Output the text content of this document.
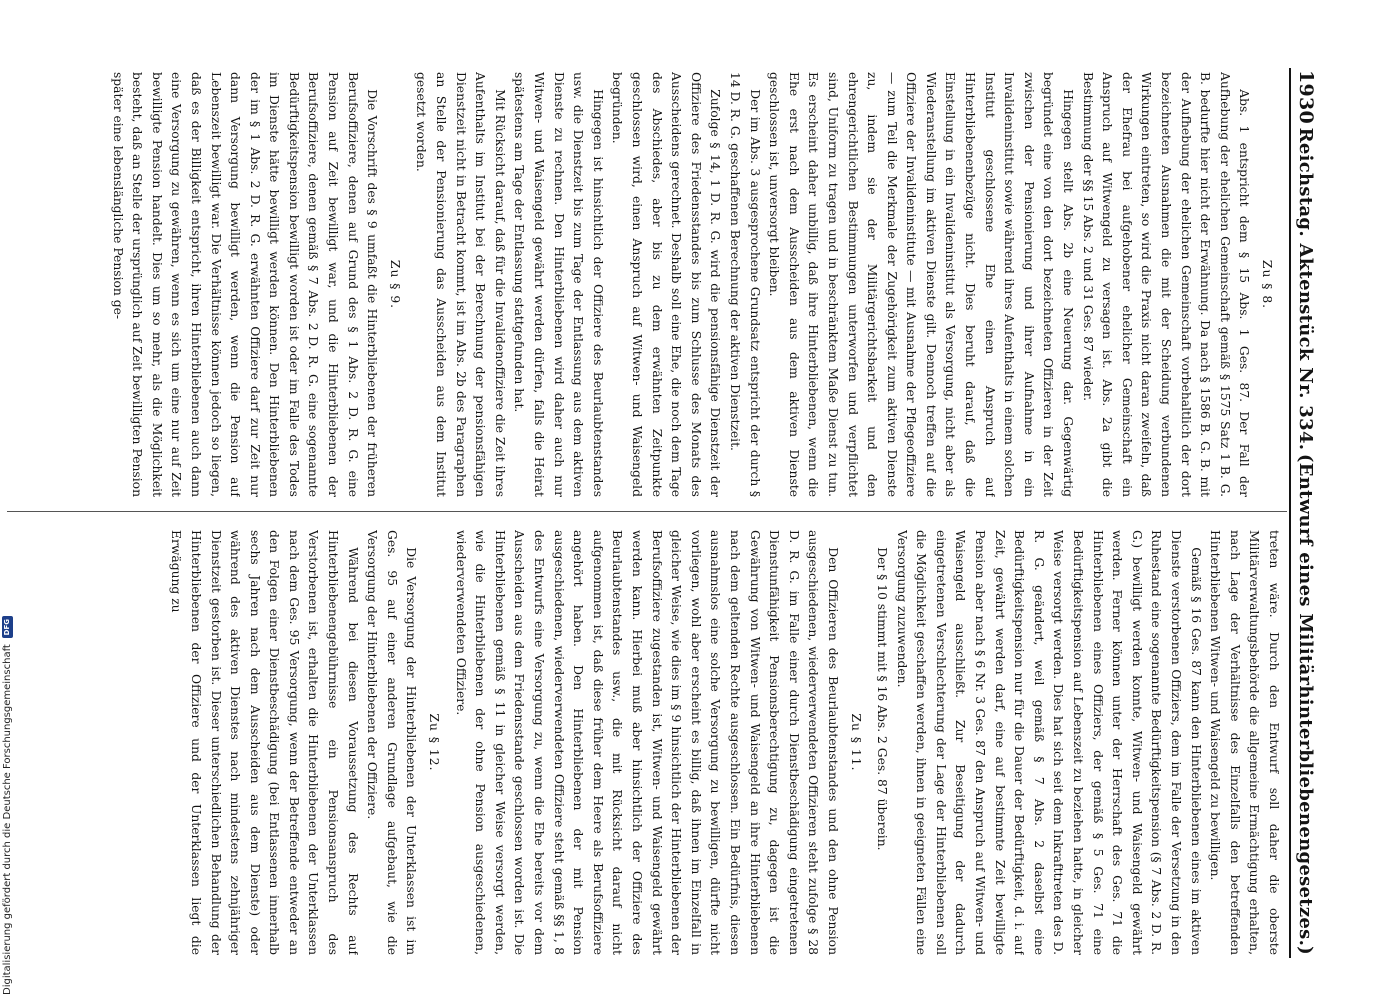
1930
Reichstag. Aktenstück Nr. 334.
(Entwurf eines Militärhinterbliebenengesetzes.)

Zu § 8.

Abs. 1 entspricht dem § 15 Abs. 1 Ges. 87. Der Fall der Aufhebung der ehelichen Gemeinschaft gemäß § 1575 Satz 1 B. G. B. bedurfte hier nicht der Erwähnung. Da nach § 1586 B. G. B. mit der Aufhebung der ehelichen Gemeinschaft vorbehaltlich der dort bezeichneten Ausnahmen die mit der Scheidung verbundenen Wirkungen eintreten, so wird die Praxis nicht daran zweifeln, daß der Ehefrau bei aufgehobener ehelicher Gemeinschaft ein Anspruch auf Witwengeld zu versagen ist. Abs. 2a gibt die Bestimmung der §§ 15 Abs. 2 und 31 Ges. 87 wieder.

Hingegen stellt Abs. 2b eine Neuerung dar. Gegenwärtig begründet eine von den dort bezeichneten Offizieren in der Zeit zwischen der Pensionierung und ihrer Aufnahme in ein Invalideninstitut sowie während ihres Aufenthalts in einem solchen Institut geschlossene Ehe einen Anspruch auf Hinterbliebenenbezüge nicht. Dies beruht darauf, daß die Einstellung in ein Invalideninstitut als Versorgung, nicht aber als Wiederanstellung im aktiven Dienste gilt. Dennoch treffen auf die Offiziere der Invalideninstitute — mit Ausnahme der Pflegeoffiziere — zum Teil die Merkmale der Zugehörigkeit zum aktiven Dienste zu, indem sie der Militärgerichtsbarkeit und den ehrengerichtlichen Bestimmungen unterworfen und verpflichtet sind, Uniform zu tragen und in beschränktem Maße Dienst zu tun. Es erscheint daher unbillig, daß ihre Hinterbliebenen, wenn die Ehe erst nach dem Ausscheiden aus dem aktiven Dienste geschlossen ist, unversorgt bleiben.

Der im Abs. 3 ausgesprochene Grundsatz entspricht der durch § 14 D. R. G. geschaffenen Berechnung der aktiven Dienstzeit.

Zufolge § 14, 1 D. R. G. wird die pensionsfähige Dienstzeit der Offiziere des Friedensstandes bis zum Schlusse des Monats des Ausscheidens gerechnet. Deshalb soll eine Ehe, die noch dem Tage des Abschiedes, aber bis zu dem erwähnten Zeitpunkte geschlossen wird, einen Anspruch auf Witwen- und Waisengeld begründen.

Hingegen ist hinsichtlich der Offiziere des Beurlaubtenstandes usw. die Dienstzeit bis zum Tage der Entlassung aus dem aktiven Dienste zu rechnen. Den Hinterbliebenen wird daher auch nur Witwen- und Waisengeld gewährt werden dürfen, falls die Heirat spätestens am Tage der Entlassung stattgefunden hat.

Mit Rücksicht darauf, daß für die Invalidenoffiziere die Zeit ihres Aufenthalts im Institut bei der Berechnung der pensionsfähigen Dienstzeit nicht in Betracht kommt, ist im Abs. 2b des Paragraphen an Stelle der Pensionierung das Ausscheiden aus dem Institut gesetzt worden.

Zu § 9.

Die Vorschrift des § 9 umfaßt die Hinterbliebenen der früheren Berufsoffiziere, denen auf Grund des § 1 Abs. 2 D. R. G. eine Pension auf Zeit bewilligt war, und die Hinterbliebenen der Berufsoffiziere, denen gemäß § 7 Abs. 2 D. R. G. eine sogenannte Bedürftigkeitspension bewilligt worden ist oder im Falle des Todes im Dienste hätte bewilligt werden können. Den Hinterbliebenen der im § 1 Abs. 2 D. R. G. erwähnten Offiziere darf zur Zeit nur dann Versorgung bewilligt werden, wenn die Pension auf Lebenszeit bewilligt war. Die Verhältnisse können jedoch so liegen, daß es der Billigkeit entspricht, ihren Hinterbliebenen auch dann eine Versorgung zu gewähren, wenn es sich um eine nur auf Zeit bewilligte Pension handelt. Dies um so mehr, als die Möglichkeit besteht, daß an Stelle der ursprünglich auf Zeit bewilligten Pension später eine lebenslängliche Pension ge-

treten wäre. Durch den Entwurf soll daher die oberste Militärverwaltungsbehörde die allgemeine Ermächtigung erhalten, nach Lage der Verhältnisse des Einzelfalls den betreffenden Hinterbliebenen Witwen- und Waisengeld zu bewilligen.

Gemäß § 16 Ges. 87 kann den Hinterbliebenen eines im aktiven Dienste verstorbenen Offiziers, dem im Falle der Versetzung in den Ruhestand eine sogenannte Bedürftigkeitspension (§ 7 Abs. 2 D. R. G.) bewilligt werden konnte, Witwen- und Waisengeld gewährt werden. Ferner können unter der Herrschaft des Ges. 71 die Hinterbliebenen eines Offiziers, der gemäß § 5 Ges. 71 eine Bedürftigkeitspension auf Lebenszeit zu beziehen hatte, in gleicher Weise versorgt werden. Dies hat sich seit dem Inkrafttreten des D. R. G. geändert, weil gemäß § 7 Abs. 2 daselbst eine Bedürftigkeitspension nur für die Dauer der Bedürftigkeit, d. i. auf Zeit, gewährt werden darf, eine auf bestimmte Zeit bewilligte Pension aber nach § 6 Nr. 3 Ges. 87 den Anspruch auf Witwen- und Waisengeld ausschließt. Zur Beseitigung der dadurch eingetretenen Verschlechterung der Lage der Hinterbliebenen soll die Möglichkeit geschaffen werden, ihnen in geeigneten Fällen eine Versorgung zuzuwenden.

Der § 10 stimmt mit § 16 Abs. 2 Ges. 87 überein.

Zu § 11.

Den Offizieren des Beurlaubtenstandes und den ohne Pension ausgeschiedenen, wiederverwendeten Offizieren steht zufolge § 28 D. R. G. im Falle einer durch Dienstbeschädigung eingetretenen Dienstunfähigkeit Pensionsberechtigung zu, dagegen ist die Gewährung von Witwen- und Waisengeld an ihre Hinterbliebenen nach dem geltenden Rechte ausgeschlossen. Ein Bedürfnis, diesen ausnahmslos eine solche Versorgung zu bewilligen, dürfte nicht vorliegen, wohl aber erscheint es billig, daß ihnen im Einzelfall in gleicher Weise, wie dies im § 9 hinsichtlich der Hinterbliebenen der Berufsoffiziere zugestanden ist, Witwen- und Waisengeld gewährt werden kann. Hierbei muß aber hinsichtlich der Offiziere des Beurlaubtenstandes usw., die mit Rücksicht darauf nicht aufgenommen ist, daß diese früher dem Heere als Berufsoffiziere angehört haben. Den Hinterbliebenen der mit Pension ausgeschiedenen, wiederverwendeten Offiziere steht gemäß §§ 1, 8 des Entwurfs eine Versorgung zu, wenn die Ehe bereits vor dem Ausscheiden aus dem Friedensstande geschlossen worden ist. Die Hinterbliebenen gemäß § 11 in gleicher Weise versorgt werden, wie die Hinterbliebenen der ohne Pension ausgeschiedenen, wiederverwendeten Offiziere.

Zu § 12.

Die Versorgung der Hinterbliebenen der Unterklassen ist im Ges. 95 auf einer anderen Grundlage aufgebaut, wie die Versorgung der Hinterbliebenen der Offiziere.

Während bei diesen Voraussetzung des Rechts auf Hinterbliebenengebührnisse ein Pensionsanspruch des Verstorbenen ist, erhalten die Hinterbliebenen der Unterklassen nach dem Ges. 95 Versorgung, wenn der Betreffende entweder an den Folgen einer Dienstbeschädigung (bei Entlassenen innerhalb sechs Jahren nach dem Ausscheiden aus dem Dienste) oder während des aktiven Dienstes nach mindestens zehnjähriger Dienstzeit gestorben ist. Dieser unterschiedlichen Behandlung der Hinterbliebenen der Offiziere und der Unterklassen liegt die Erwägung zu

Digitalisierung gefördert durch die Deutsche Forschungsgemeinschaft
DFG
